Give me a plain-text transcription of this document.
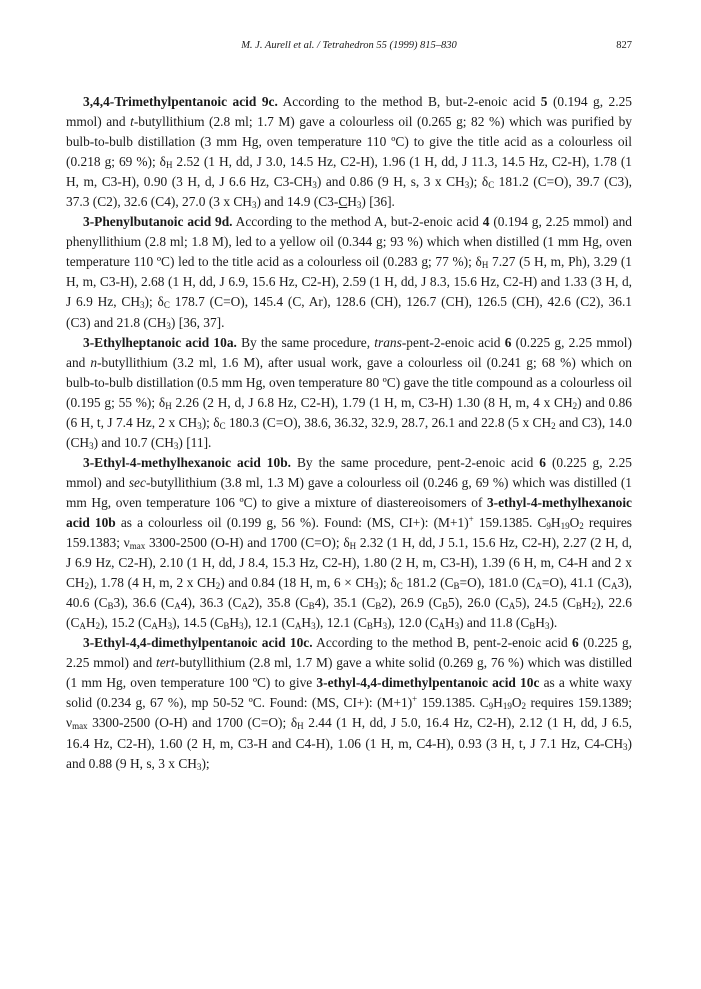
M. J. Aurell et al. / Tetrahedron 55 (1999) 815–830	827

3,4,4-Trimethylpentanoic acid 9c. According to the method B, but-2-enoic acid 5 (0.194 g, 2.25 mmol) and t-butyllithium (2.8 ml; 1.7 M) gave a colourless oil (0.265 g; 82 %) which was purified by bulb-to-bulb distillation (3 mm Hg, oven temperature 110 ºC) to give the title acid as a colourless oil (0.218 g; 69 %); $\delta_H$ 2.52 (1 H, dd, J 3.0, 14.5 Hz, C2-H), 1.96 (1 H, dd, J 11.3, 14.5 Hz, C2-H), 1.78 (1 H, m, C3-H), 0.90 (3 H, d, J 6.6 Hz, $C3-CH_3$) and 0.86 (9 H, s, 3 x $CH_3$); $\delta_C$ 181.2 (C=O), 39.7 (C3), 37.3 (C2), 32.6 (C4), 27.0 (3 x $CH_3$) and 14.9 $(C3-CH_3)$ [36].

3-Phenylbutanoic acid 9d. According to the method A, but-2-enoic acid 4 (0.194 g, 2.25 mmol) and phenyllithium (2.8 ml; 1.8 M), led to a yellow oil (0.344 g; 93 %) which when distilled (1 mm Hg, oven temperature 110 ºC) led to the title acid as a colourless oil (0.283 g; 77 %); $\delta_H$ 7.27 (5 H, m, Ph), 3.29 (1 H, m, C3-H), 2.68 (1 H, dd, J 6.9, 15.6 Hz, C2-H), 2.59 (1 H, dd, J 8.3, 15.6 Hz, C2-H) and 1.33 (3 H, d, J 6.9 Hz, $CH_3$); $\delta_C$ 178.7 (C=O), 145.4 (C, Ar), 128.6 (CH), 126.7 (CH), 126.5 (CH), 42.6 (C2), 36.1 (C3) and 21.8 $(CH_3)$ [36, 37].

3-Ethylheptanoic acid 10a. By the same procedure, trans-pent-2-enoic acid 6 (0.225 g, 2.25 mmol) and n-butyllithium (3.2 ml, 1.6 M), after usual work, gave a colourless oil (0.241 g; 68 %) which on bulb-to-bulb distillation (0.5 mm Hg, oven temperature 80 ºC) gave the title compound as a colourless oil (0.195 g; 55 %); $\delta_H$ 2.26 (2 H, d, J 6.8 Hz, C2-H), 1.79 (1 H, m, C3-H) 1.30 (8 H, m, 4 x $CH_2$) and 0.86 (6 H, t, J 7.4 Hz, 2 x $CH_3$); $\delta_C$ 180.3 (C=O), 38.6, 36.32, 32.9, 28.7, 26.1 and 22.8 (5 x $CH_2$ and C3), 14.0 $(CH_3)$ and 10.7 $(CH_3)$ [11].

3-Ethyl-4-methylhexanoic acid 10b. By the same procedure, pent-2-enoic acid 6 (0.225 g, 2.25 mmol) and sec-butyllithium (3.8 ml, 1.3 M) gave a colourless oil (0.246 g, 69 %) which was distilled (1 mm Hg, oven temperature 106 ºC) to give a mixture of diastereoisomers of 3-ethyl-4-methylhexanoic acid 10b as a colourless oil (0.199 g, 56 %). Found: (MS, CI+): (M+1)+ 159.1385. $C_9H_{19}O_2$ requires 159.1383; $\nu_{max}$ 3300-2500 (O-H) and 1700 (C=O); $\delta_H$ 2.32 (1 H, dd, J 5.1, 15.6 Hz, C2-H), 2.27 (2 H, d, J 6.9 Hz, C2-H), 2.10 (1 H, dd, J 8.4, 15.3 Hz, C2-H), 1.80 (2 H, m, C3-H), 1.39 (6 H, m, C4-H and 2 x $CH_2$), 1.78 (4 H, m, 2 x $CH_2$) and 0.84 (18 H, m, $6 \times CH_3$); $\delta_C$ 181.2 $(C_B=O)$, 181.0 $(C_A=O)$, 41.1 $(C_A3)$, 40.6 $(C_B3)$, 36.6 $(C_A4)$, 36.3 $(C_A2)$, 35.8 $(C_B4)$, 35.1 $(C_B2)$, 26.9 $(C_B5)$, 26.0 $(C_A5)$, 24.5 $(C_BH_2)$, 22.6 $(C_AH_2)$, 15.2 $(C_AH_3)$, 14.5 $(C_BH_3)$, 12.1 $(C_AH_3)$, 12.1 $(C_BH_3)$, 12.0 $(C_AH_3)$ and 11.8 $(C_BH_3)$.

3-Ethyl-4,4-dimethylpentanoic acid 10c. According to the method B, pent-2-enoic acid 6 (0.225 g, 2.25 mmol) and tert-butyllithium (2.8 ml, 1.7 M) gave a white solid (0.269 g, 76 %) which was distilled (1 mm Hg, oven temperature 100 ºC) to give 3-ethyl-4,4-dimethylpentanoic acid 10c as a white waxy solid (0.234 g, 67 %), mp 50-52 ºC. Found: (MS, CI+): (M+1)+ 159.1385. $C_9H_{19}O_2$ requires 159.1389; $\nu_{max}$ 3300-2500 (O-H) and 1700 (C=O); $\delta_H$ 2.44 (1 H, dd, J 5.0, 16.4 Hz, C2-H), 2.12 (1 H, dd, J 6.5, 16.4 Hz, C2-H), 1.60 (2 H, m, C3-H and C4-H), 1.06 (1 H, m, C4-H), 0.93 (3 H, t, J 7.1 Hz, $C4-CH_3$) and 0.88 (9 H, s, 3 x $CH_3$);
